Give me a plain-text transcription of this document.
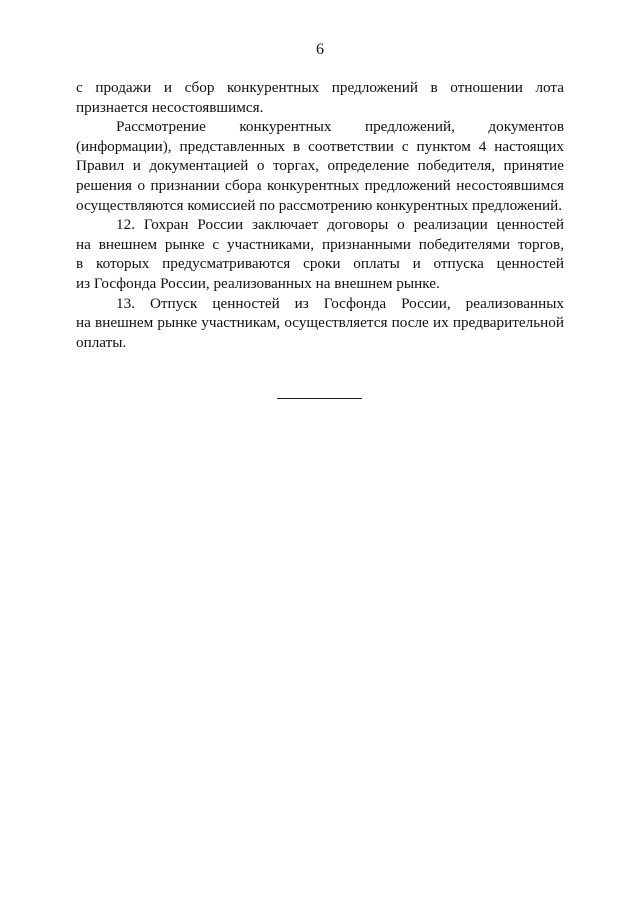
6

с продажи и сбор конкурентных предложений в отношении лота
признается несостоявшимся.

Рассмотрение конкурентных предложений, документов
(информации), представленных в соответствии с пунктом 4 настоящих
Правил и документацией о торгах, определение победителя, принятие
решения о признании сбора конкурентных предложений несостоявшимся
осуществляются комиссией по рассмотрению конкурентных предложений.

12. Гохран России заключает договоры о реализации ценностей
на внешнем рынке с участниками, признанными победителями торгов,
в которых предусматриваются сроки оплаты и отпуска ценностей
из Госфонда России, реализованных на внешнем рынке.

13. Отпуск ценностей из Госфонда России, реализованных
на внешнем рынке участникам, осуществляется после их предварительной
оплаты.
